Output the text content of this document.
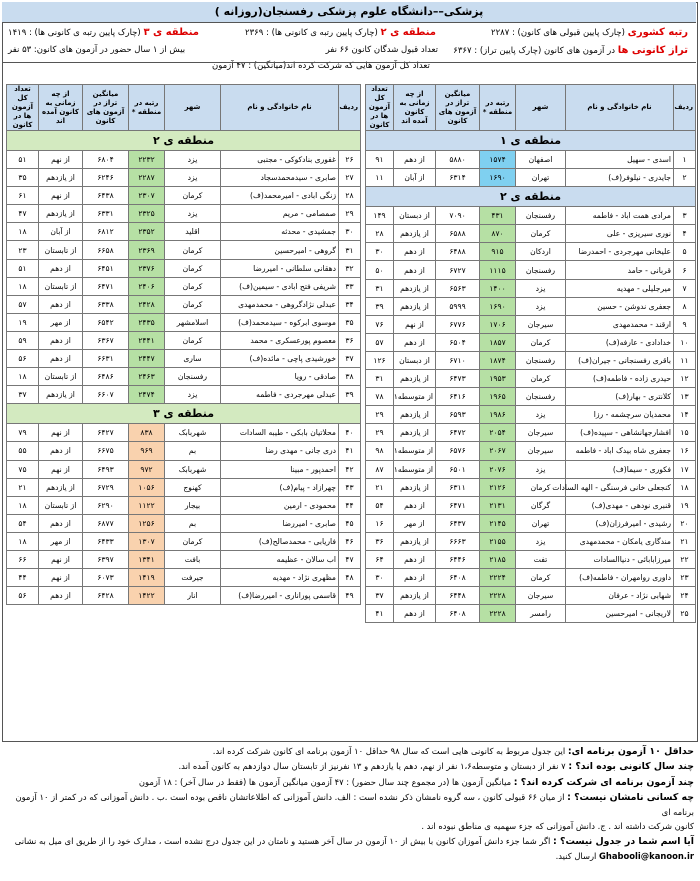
پزشکی––دانشگاه علوم پزشکی رفسنجان(روزانه )
رتبه کشوری (چارک پایین قبولی های کانون) : ۲۲۸۷
منطقه ی ۲ (چارک پایین رتبه ی کانونی ها) : ۲۳۶۹
منطقه ی ۳ (چارک پایین رتبه ی کانونی ها) : ۱۴۱۹
تراز کانونی ها در آزمون های کانون (چارک پایین تراز) : ۶۳۶۷
تعداد قبول شدگان کانون ۶۶ نفر
بیش از ۱ سال حضور در آزمون های کانون: ۵۳ نفر
تعداد کل آزمون هایی که شرکت کرده اند(میانگین) : ۴۷ آزمون
ردیف	نام خانوادگی و نام	شهر	رتبه در منطقه *	میانگین تراز در آزمون های کانون	از چه زمانی به کانون آمده اند	تعداد کل آزمون ها در کانون
منطقه ی ۱						
۱	اسدی - سهیل	اصفهان	۱۵۷۴	۵۸۸۰	از دهم	۹۱
۲	جایدری - نیلوفر(ف)	تهران	۱۶۹۰	۶۳۱۴	از آبان	۱۱
منطقه ی ۲						
۳	مرادی همت اباد - فاطمه	رفسنجان	۴۳۱	۷۰۹۰	از دبستان	۱۴۹
۴	نوری سیریزی - علی	کرمان	۸۷۰	۶۵۸۸	از یازدهم	۲۸
۵	علیخانی مهرجردی - احمدرضا	اردکان	۹۱۵	۶۴۸۸	از دهم	۳۰
۶	قربانی - حامد	رفسنجان	۱۱۱۵	۶۷۲۷	از دهم	۵۰
۷	میرجلیلی - مهدیه	یزد	۱۴۰۰	۶۵۶۳	از یازدهم	۳۱
۸	جعفری ندوشن - حسین	یزد	۱۶۹۰	۵۹۹۹	از یازدهم	۳۹
۹	ارقند - محمدمهدی	سیرجان	۱۷۰۶	۶۷۷۶	از نهم	۷۶
۱۰	خدادادی - عارفه(ف)	کرمان	۱۸۵۷	۶۵۰۴	از دهم	۵۷
۱۱	باقری رفسنجانی - جیران(ف)	رفسنجان	۱۸۷۴	۶۷۱۰	از دبستان	۱۲۶
۱۲	حیدری زاده - فاطمه(ف)	کرمان	۱۹۵۳	۶۴۷۳	از یازدهم	۳۱
۱۳	کلانتری - بهار(ف)	رفسنجان	۱۹۶۵	۶۴۱۶	از متوسطه۱	۷۸
۱۴	محمدیان سرچشمه - رزا	یزد	۱۹۸۶	۶۵۹۳	از یازدهم	۲۹
۱۵	افشارجهانشاهی - سپیده(ف)	سیرجان	۲۰۵۴	۶۴۷۲	از یازدهم	۲۹
۱۶	جعفری شاه بیدک اباد - فاطمه	سیرجان	۲۰۶۷	۶۵۷۶	از متوسطه۱	۹۸
۱۷	فکوری - سیما(ف)	یزد	۲۰۷۶	۶۵۰۱	از متوسطه۱	۸۷
۱۸	کنجعلی خانی فرسنگی - الهه السادات	کرمان	۲۱۲۶	۶۳۱۱	از یازدهم	۲۱
۱۹	قنبری نودهی - مهدی(ف)	گرگان	۲۱۳۱	۶۴۷۱	از دهم	۵۴
۲۰	رشیدی - امیرفرزان(ف)	تهران	۲۱۴۵	۶۴۳۷	از مهر	۱۶
۲۱	مندگاری یامکان - محمدمهدی	یزد	۲۱۵۵	۶۶۶۳	از یازدهم	۳۶
۲۲	میرزابابائی - دنیاالسادات	تفت	۲۱۸۵	۶۴۴۶	از دهم	۶۴
۲۳	داوری روامهران - فاطمه(ف)	کرمان	۲۲۲۴	۶۴۰۸	از دهم	۳۰
۲۴	شهابی نژاد - عرفان	سیرجان	۲۲۲۸	۶۴۴۸	از یازدهم	۳۷
۲۵	لاریجانی - امیرحسین	رامسر	۲۲۲۸	۶۴۰۸	از دهم	۴۱
ردیف	نام خانوادگی و نام	شهر	رتبه در منطقه *	میانگین تراز در آزمون های کانون	از چه زمانی به کانون آمده اند	تعداد کل آزمون ها در کانون
منطقه ی ۲						
۲۶	غفوری بنادکوکی - مجتبی	یزد	۲۲۳۲	۶۸۰۴	از نهم	۵۱
۲۷	صابری - سیدمحمدسجاد	یزد	۲۲۸۷	۶۲۴۶	از یازدهم	۳۵
۲۸	زنگی ابادی - امیرمحمد(ف)	کرمان	۲۳۰۷	۶۴۳۸	از نهم	۶۱
۲۹	صمصامی - مریم	یزد	۲۳۲۵	۶۳۳۱	از یازدهم	۴۷
۳۰	جمشیدی - محدثه	اقلید	۲۳۵۲	۶۸۱۲	از آبان	۱۸
۳۱	گروهی - امیرحسین	کرمان	۲۳۶۹	۶۶۵۸	از تابستان	۲۳
۳۲	دهقانی سلطانی - امیررضا	کرمان	۲۳۷۶	۶۴۵۱	از دهم	۵۱
۳۳	شریفی فتح ابادی - سیمین(ف)	کرمان	۲۴۰۶	۶۴۷۱	از تابستان	۱۸
۳۴	عبدلی نژادگروهی - محمدمهدی	کرمان	۲۴۲۸	۶۳۳۸	از دهم	۵۷
۳۵	موسوی ابرکوه - سیدمحمد(ف)	اسلامشهر	۲۴۳۵	۶۵۴۲	از مهر	۱۹
۳۶	معصوم پورعسکری - محمد	کرمان	۲۴۴۱	۶۳۶۷	از دهم	۵۹
۳۷	خورشیدی پاچی - مائده(ف)	ساری	۲۴۴۷	۶۶۳۱	از دهم	۵۶
۳۸	صادقی - رویا	رفسنجان	۲۴۶۳	۶۴۸۶	از تابستان	۱۸
۳۹	عبدلی مهرجردی - فاطمه	یزد	۲۴۷۴	۶۶۰۷	از یازدهم	۳۷
منطقه ی ۳						
۴۰	محلاتیان بابکی - طیبه السادات	شهربابک	۸۳۸	۶۴۲۷	از نهم	۷۹
۴۱	دری جانی - مهدی رضا	بم	۹۶۹	۶۶۷۵	از دهم	۵۵
۴۲	احمدپور - مبینا	شهربابک	۹۷۲	۶۴۹۳	از نهم	۷۵
۴۳	چهرازاد - پیام(ف)	کهنوج	۱۰۵۶	۶۷۲۹	از یازدهم	۲۱
۴۴	محمودی - ارمین	بیجار	۱۱۲۲	۶۲۹۰	از تابستان	۱۸
۴۵	صابری - امیررضا	بم	۱۲۵۶	۶۸۷۷	از دهم	۵۴
۴۶	فاریابی - محمدصالح(ف)	کرمان	۱۳۰۷	۶۴۳۳	از مهر	۱۸
۴۷	اب سالان - عظیمه	بافت	۱۳۴۱	۶۳۹۷	از نهم	۶۶
۴۸	مظهری نژاد - مهدیه	جیرفت	۱۴۱۹	۶۰۷۳	از نهم	۴۴
۴۹	قاسمی پوراناری - امیررضا(ف)	انار	۱۴۲۲	۶۴۲۸	از دهم	۵۶

حداقل ۱۰ آزمون برنامه ای: این جدول مربوط به کانونی هایی است که سال ۹۸ حداقل ۱۰ آزمون برنامه ای کانون شرکت کرده اند.

چند سال کانونی بوده اند؟ : ۷ نفر از دبستان و متوسطه۱،۶ نفر از نهم، دهم یا یازدهم و ۱۳ نفرنیز از تابستان سال دوازدهم به کانون آمده اند.

چند آزمون برنامه ای شرکت کرده اند؟ : میانگین آزمون ها (در مجموع چند سال حضور) : ۴۷ آزمون میانگین آزمون ها (فقط در سال آخر) : ۱۸ آزمون

چه کسانی نامشان نیست؟ : از میان ۶۶ قبولی کانون ، سه گروه نامشان ذکر نشده است : الف. دانش آموزانی که اطلاعاتشان ناقص بوده است .ب . دانش آموزانی که در کمتر از ۱۰ آزمون برنامه ای

کانون شرکت داشته اند . ج. دانش آموزانی که جزء سهمیه ی مناطق نبوده اند .

آیا اسم شما در جدول نیست؟ : اگر شما جزء دانش آموزان کانون با بیش از ۱۰ آزمون در سال آخر هستید و نامتان در این جدول درج نشده است ، مدارک خود را از طریق ای میل به نشانی

Ghabooli@kanoon.ir ارسال کنید.
